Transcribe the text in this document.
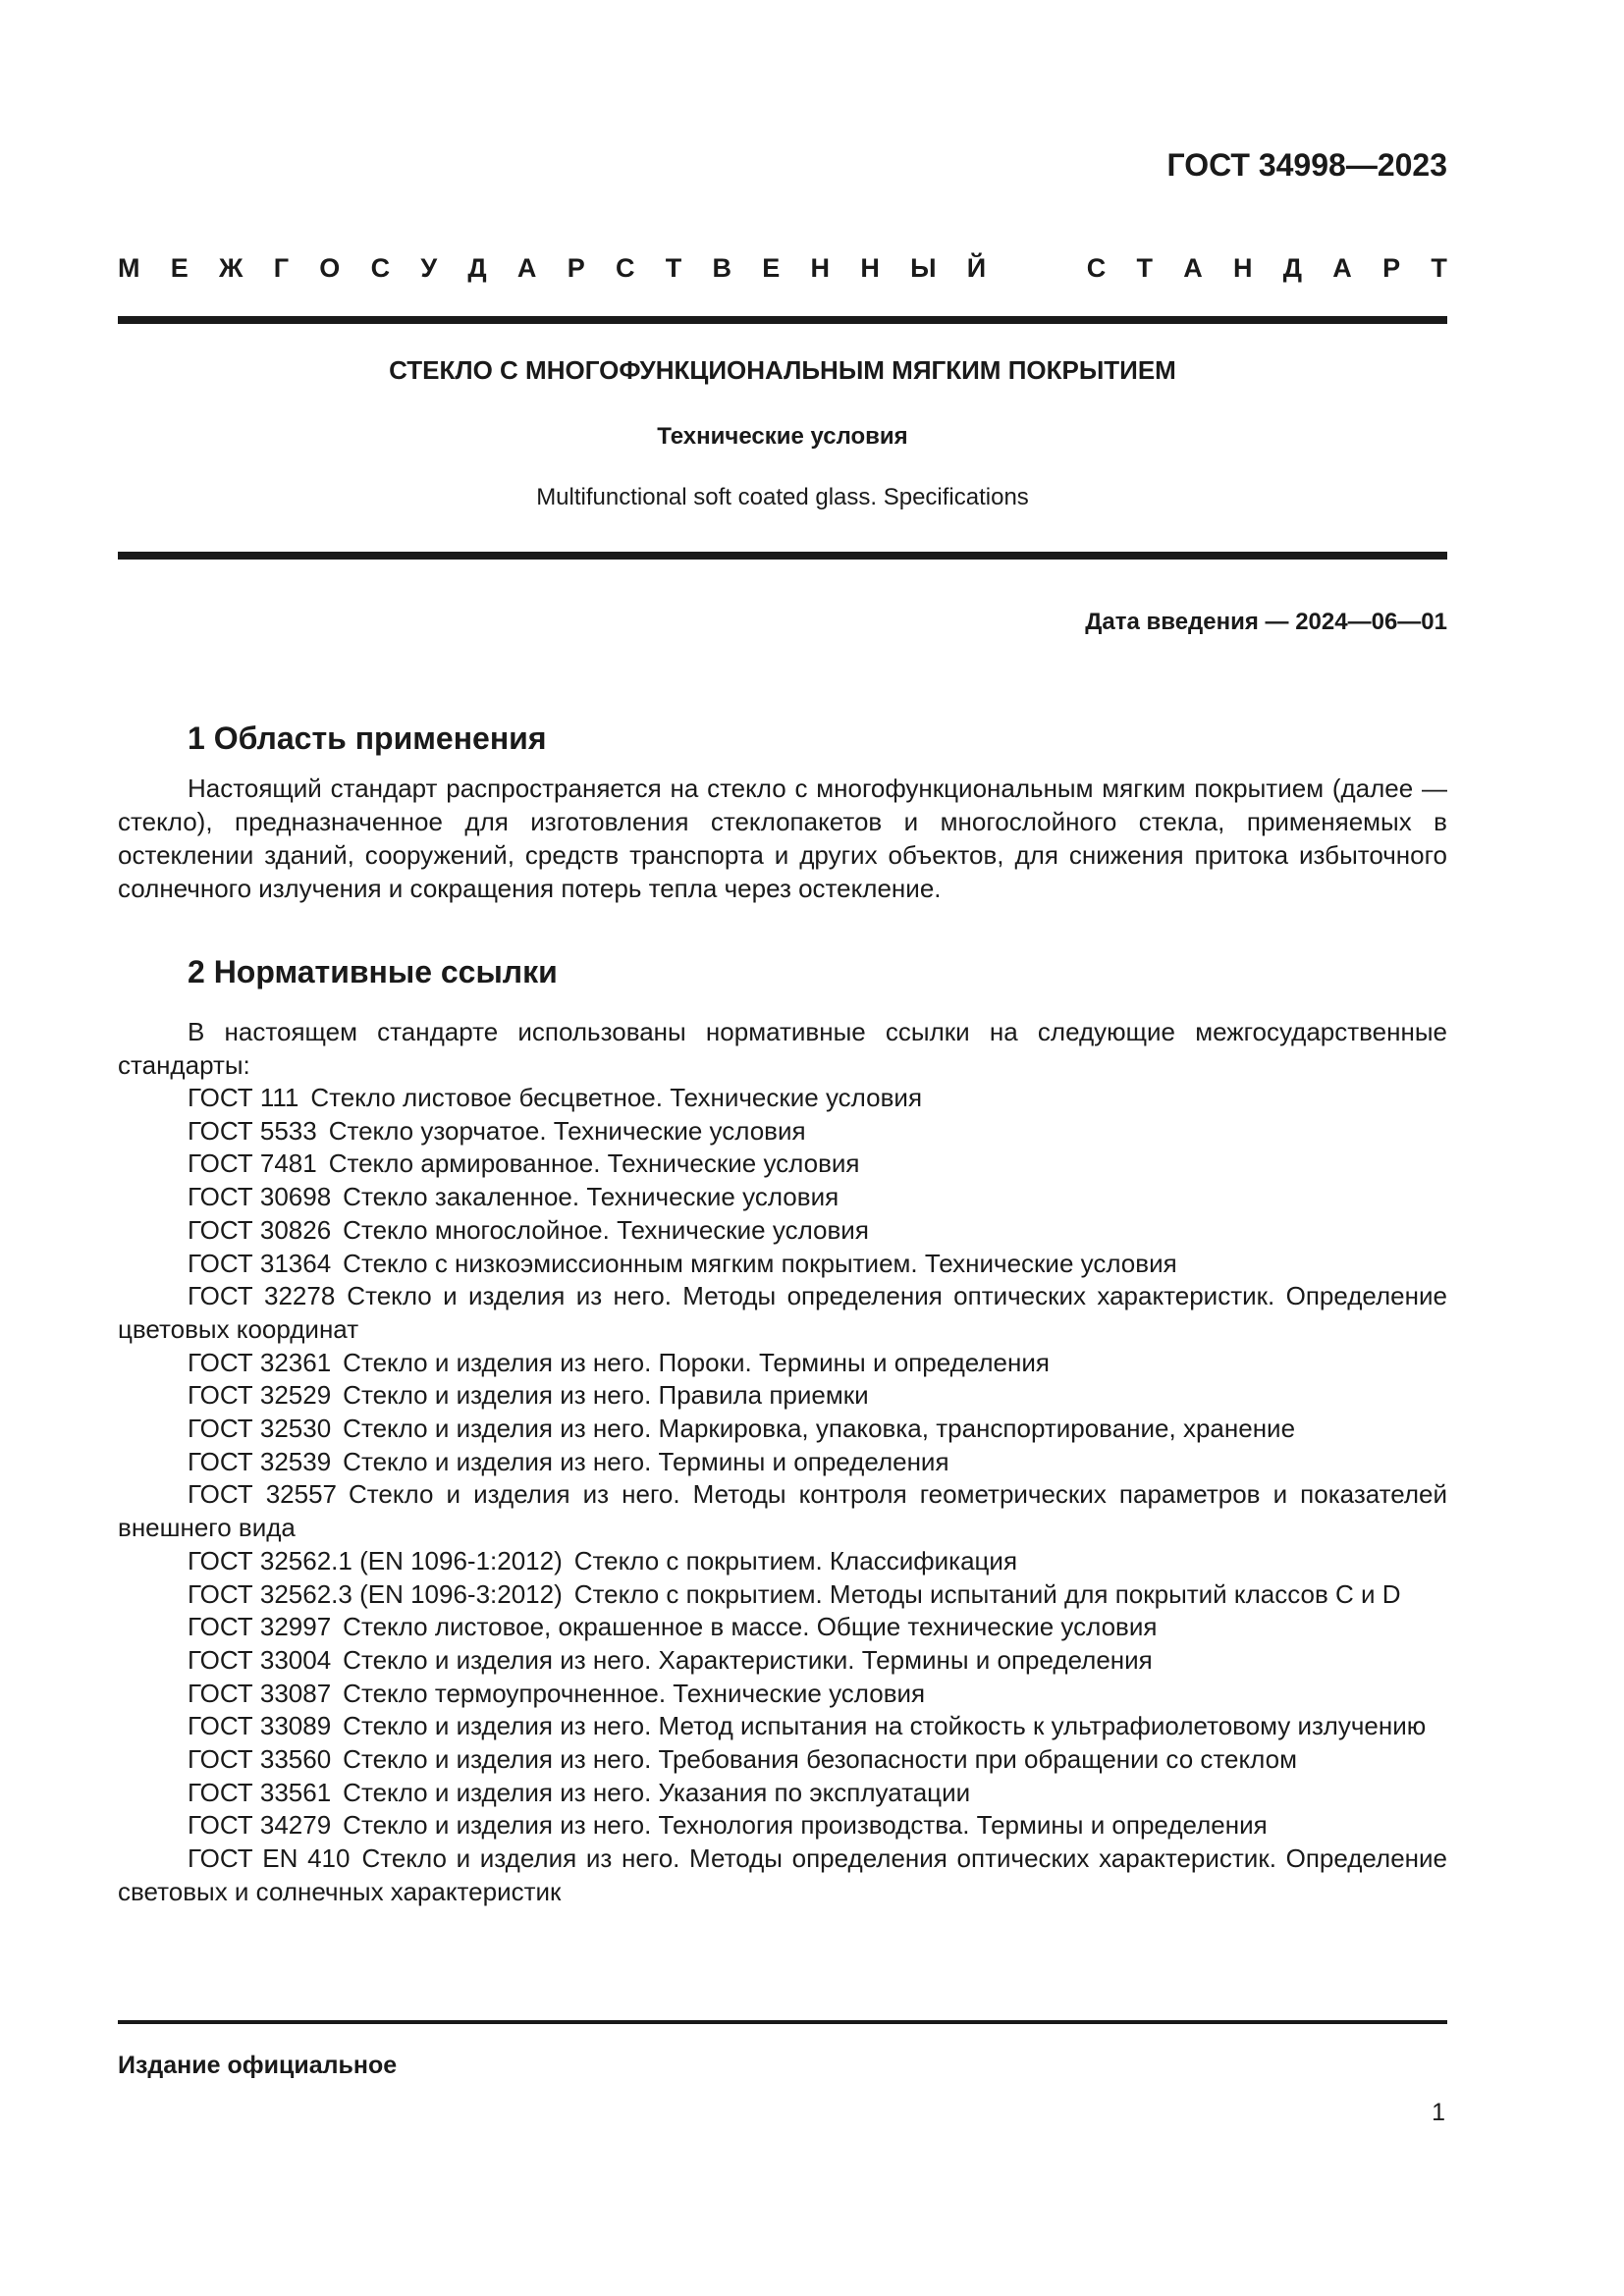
ГОСТ 34998—2023
М Е Ж Г О С У Д А Р С Т В Е Н Н Ы Й	С Т А Н Д А Р Т
СТЕКЛО С МНОГОФУНКЦИОНАЛЬНЫМ МЯГКИМ ПОКРЫТИЕМ
Технические условия
Multifunctional soft coated glass. Specifications
Дата введения — 2024—06—01
1 Область применения

Настоящий стандарт распространяется на стекло с многофункциональным мягким покрытием (далее — стекло), предназначенное для изготовления стеклопакетов и многослойного стекла, применяемых в остеклении зданий, сооружений, средств транспорта и других объектов, для снижения притока избыточного солнечного излучения и сокращения потерь тепла через остекление.

2 Нормативные ссылки

В настоящем стандарте использованы нормативные ссылки на следующие межгосударственные стандарты:

ГОСТ 111 Стекло листовое бесцветное. Технические условия
ГОСТ 5533 Стекло узорчатое. Технические условия
ГОСТ 7481 Стекло армированное. Технические условия
ГОСТ 30698 Стекло закаленное. Технические условия
ГОСТ 30826 Стекло многослойное. Технические условия
ГОСТ 31364 Стекло с низкоэмиссионным мягким покрытием. Технические условия
ГОСТ 32278 Стекло и изделия из него. Методы определения оптических характеристик. Определение цветовых координат
ГОСТ 32361 Стекло и изделия из него. Пороки. Термины и определения
ГОСТ 32529 Стекло и изделия из него. Правила приемки
ГОСТ 32530 Стекло и изделия из него. Маркировка, упаковка, транспортирование, хранение
ГОСТ 32539 Стекло и изделия из него. Термины и определения
ГОСТ 32557 Стекло и изделия из него. Методы контроля геометрических параметров и показателей внешнего вида
ГОСТ 32562.1 (EN 1096-1:2012) Стекло с покрытием. Классификация
ГОСТ 32562.3 (EN 1096-3:2012) Стекло с покрытием. Методы испытаний для покрытий классов C и D
ГОСТ 32997 Стекло листовое, окрашенное в массе. Общие технические условия
ГОСТ 33004 Стекло и изделия из него. Характеристики. Термины и определения
ГОСТ 33087 Стекло термоупрочненное. Технические условия
ГОСТ 33089 Стекло и изделия из него. Метод испытания на стойкость к ультрафиолетовому излучению
ГОСТ 33560 Стекло и изделия из него. Требования безопасности при обращении со стеклом
ГОСТ 33561 Стекло и изделия из него. Указания по эксплуатации
ГОСТ 34279 Стекло и изделия из него. Технология производства. Термины и определения
ГОСТ EN 410 Стекло и изделия из него. Методы определения оптических характеристик. Определение световых и солнечных характеристик
Издание официальное
1
